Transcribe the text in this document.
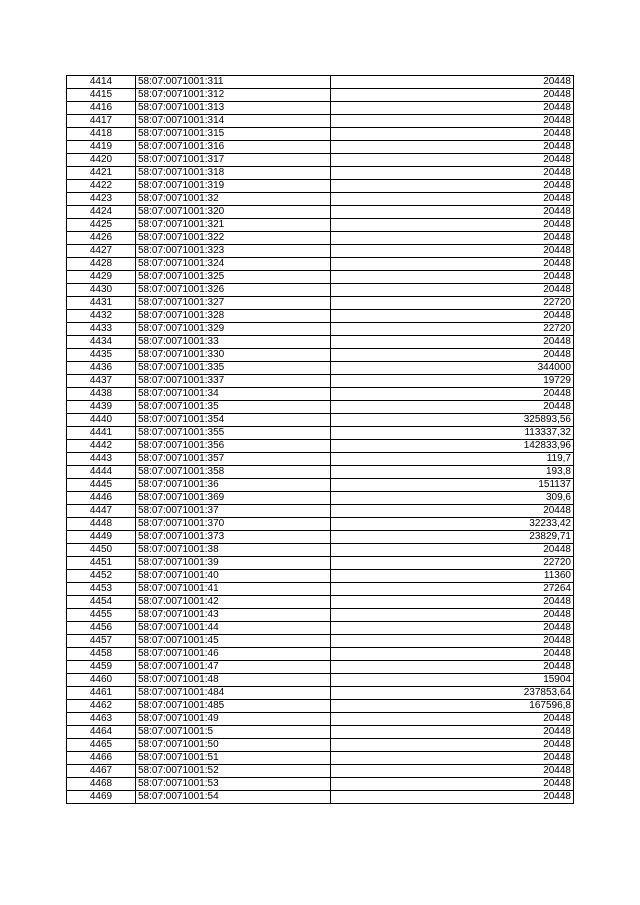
4414	58:07:0071001:311	20448
4415	58:07:0071001:312	20448
4416	58:07:0071001:313	20448
4417	58:07:0071001:314	20448
4418	58:07:0071001:315	20448
4419	58:07:0071001:316	20448
4420	58:07:0071001:317	20448
4421	58:07:0071001:318	20448
4422	58:07:0071001:319	20448
4423	58:07:0071001:32	20448
4424	58:07:0071001:320	20448
4425	58:07:0071001:321	20448
4426	58:07:0071001:322	20448
4427	58:07:0071001:323	20448
4428	58:07:0071001:324	20448
4429	58:07:0071001:325	20448
4430	58:07:0071001:326	20448
4431	58:07:0071001:327	22720
4432	58:07:0071001:328	20448
4433	58:07:0071001:329	22720
4434	58:07:0071001:33	20448
4435	58:07:0071001:330	20448
4436	58:07:0071001:335	344000
4437	58:07:0071001:337	19729
4438	58:07:0071001:34	20448
4439	58:07:0071001:35	20448
4440	58:07:0071001:354	325893,56
4441	58:07:0071001:355	113337,32
4442	58:07:0071001:356	142833,96
4443	58:07:0071001:357	119,7
4444	58:07:0071001:358	193,8
4445	58:07:0071001:36	151137
4446	58:07:0071001:369	309,6
4447	58:07:0071001:37	20448
4448	58:07:0071001:370	32233,42
4449	58:07:0071001:373	23829,71
4450	58:07:0071001:38	20448
4451	58:07:0071001:39	22720
4452	58:07:0071001:40	11360
4453	58:07:0071001:41	27264
4454	58:07:0071001:42	20448
4455	58:07:0071001:43	20448
4456	58:07:0071001:44	20448
4457	58:07:0071001:45	20448
4458	58:07:0071001:46	20448
4459	58:07:0071001:47	20448
4460	58:07:0071001:48	15904
4461	58:07:0071001:484	237853,64
4462	58:07:0071001:485	167596,8
4463	58:07:0071001:49	20448
4464	58:07:0071001:5	20448
4465	58:07:0071001:50	20448
4466	58:07:0071001:51	20448
4467	58:07:0071001:52	20448
4468	58:07:0071001:53	20448
4469	58:07:0071001:54	20448
